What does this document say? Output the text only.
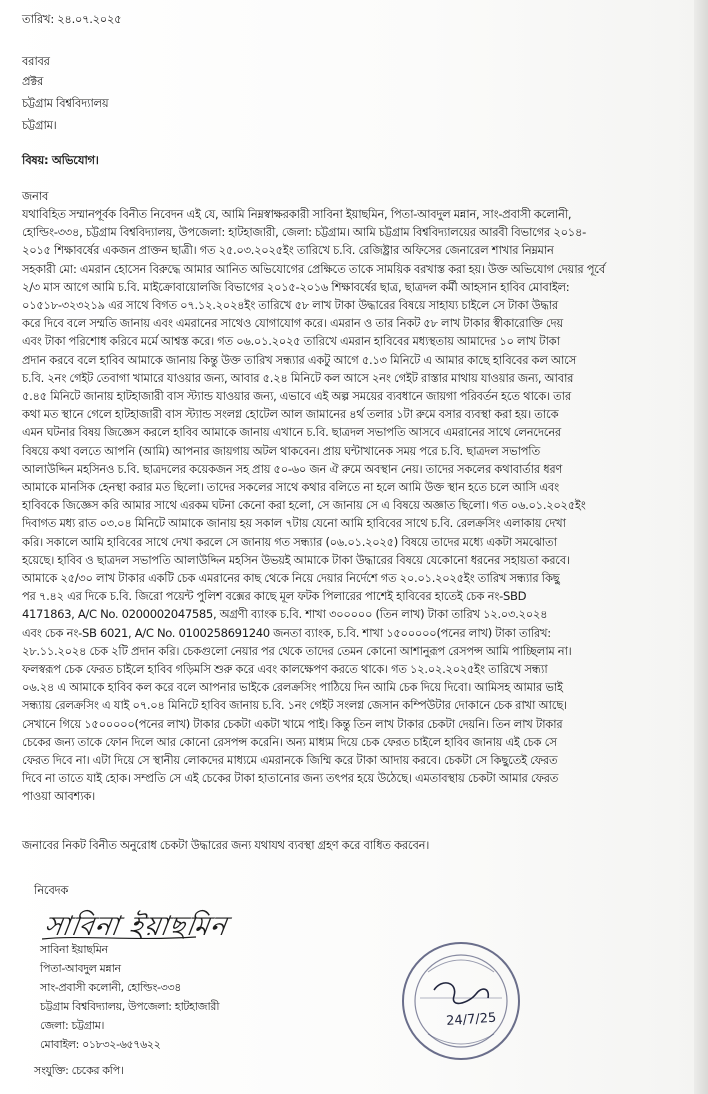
তারিখ: ২৪.০৭.২০২৫
বরাবর
প্রক্টর
চট্টগ্রাম বিশ্ববিদ্যালয়
চট্টগ্রাম।
বিষয়: অভিযোগ।
জনাব
যথাবিহিত সম্মানপূর্বক বিনীত নিবেদন এই যে, আমি নিম্নস্বাক্ষরকারী সাবিনা ইয়াছমিন, পিতা-আবদুল মন্নান, সাং-প্রবাসী কলোনী,
হোল্ডিং-৩৩৪, চট্টগ্রাম বিশ্ববিদ্যালয়, উপজেলা: হাটহাজারী, জেলা: চট্টগ্রাম। আমি চট্টগ্রাম বিশ্ববিদ্যালয়ের আরবী বিভাগের ২০১৪-
২০১৫ শিক্ষাবর্ষের একজন প্রাক্তন ছাত্রী। গত ২৫.০৩.২০২৫ইং তারিখে চ.বি. রেজিষ্ট্রার অফিসের জেনারেল শাখার নিম্নমান
সহকারী মো: এমরান হোসেন বিরুদ্ধে আমার আনিত অভিযোগের প্রেক্ষিতে তাকে সাময়িক বরখাস্ত করা হয়। উক্ত অভিযোগ দেয়ার পূর্বে
২/৩ মাস আগে আমি চ.বি. মাইক্রোবায়োলজি বিভাগের ২০১৫-২০১৬ শিক্ষাবর্ষের ছাত্র, ছাত্রদল কর্মী আহসান হাবিব মোবাইল:
০১৫১৮-৩২৩২১৯ এর সাথে বিগত ০৭.১২.২০২৪ইং তারিখে ৫৮ লাখ টাকা উদ্ধারের বিষয়ে সাহায্য চাইলে সে টাকা উদ্ধার
করে দিবে বলে সম্মতি জানায় এবং এমরানের সাথেও যোগাযোগ করে। এমরান ও তার নিকট ৫৮ লাখ টাকার স্বীকারোক্তি দেয়
এবং টাকা পরিশোধ করিবে মর্মে আশ্বস্ত করে। গত ০৬.০১.২০২৫ তারিখে এমরান হাবিবের মধ্যস্থতায় আমাদের ১০ লাখ টাকা
প্রদান করবে বলে হাবিব আমাকে জানায় কিন্তু উক্ত তারিখ সন্ধ্যার একটু আগে ৫.১৩ মিনিটে এ আমার কাছে হাবিবের কল আসে
চ.বি. ২নং গেইট তেবাগা খামারে যাওয়ার জন্য, আবার ৫.২৪ মিনিটে কল আসে ২নং গেইট রাস্তার মাথায় যাওয়ার জন্য, আবার
৫.৪৫ মিনিটে জানায় হাটহাজারী বাস স্ট্যান্ড যাওয়ার জন্য, এভাবে এই অল্প সময়ের ব্যবধানে জায়গা পরিবর্তন হতে থাকে। তার
কথা মত স্থানে গেলে হাটহাজারী বাস স্ট্যান্ড সংলগ্ন হোটেল আল জামানের ৪র্থ তলার ১টা রুমে বসার ব্যবস্থা করা হয়। তাকে
এমন ঘটনার বিষয় জিজ্ঞেস করলে হাবিব আমাকে জানায় এখানে চ.বি. ছাত্রদল সভাপতি আসবে এমরানের সাথে লেনদেনের
বিষয়ে কথা বলতে আপনি (আমি) আপনার জায়গায় অটল থাকবেন। প্রায় ঘন্টাখানেক সময় পরে চ.বি. ছাত্রদল সভাপতি
আলাউদ্দিন মহসিনও চ.বি. ছাত্রদলের কয়েকজন সহ প্রায় ৫০-৬০ জন ঐ রুমে অবস্থান নেয়। তাদের সকলের কথাবার্তার ধরণ
আমাকে মানসিক হেনস্থা করার মত ছিলো। তাদের সকলের সাথে কথার বলিতে না হলে আমি উক্ত স্থান হতে চলে আসি এবং
হাবিবকে জিজ্ঞেস করি আমার সাথে এরকম ঘটনা কেনো করা হলো, সে জানায় সে এ বিষয়ে অজ্ঞাত ছিলো। গত ০৬.০১.২০২৫ইং
দিবাগত মধ্য রাত ০৩.০৪ মিনিটে আমাকে জানায় হয় সকাল ৭টায় যেনো আমি হাবিবের সাথে চ.বি. রেলক্রসিং এলাকায় দেখা
করি। সকালে আমি হাবিবের সাথে দেখা করলে সে জানায় গত সন্ধ্যার (০৬.০১.২০২৫) বিষয়ে তাদের মধ্যে একটা সমঝোতা
হয়েছে। হাবিব ও ছাত্রদল সভাপতি আলাউদ্দিন মহসিন উভয়ই আমাকে টাকা উদ্ধারের বিষয়ে যেকোনো ধরনের সহায়তা করবে।
আমাকে ২৫/৩০ লাখ টাকার একটি চেক এমরানের কাছ থেকে নিয়ে দেয়ার নির্দেশে গত ২০.০১.২০২৫ইং তারিখ সন্ধ্যার কিছু
পর ৭.৪২ এর দিকে চ.বি. জিরো পয়েন্ট পুলিশ বক্সের কাছে মূল ফটক পিলারের পাশেই হাবিবের হাতেই চেক নং-SBD
4171863, A/C No. 0200002047585, অগ্রণী ব্যাংক চ.বি. শাখা ৩০০০০০ (তিন লাখ) টাকা তারিখ ১২.০৩.২০২৪
এবং চেক নং-SB 6021, A/C No. 0100258691240 জনতা ব্যাংক, চ.বি. শাখা ১৫০০০০০(পনের লাখ) টাকা তারিখ:
২৮.১১.২০২৪ চেক ২টি প্রদান করি। চেকগুলো নেয়ার পর থেকে তাদের তেমন কোনো আশানুরূপ রেসপন্স আমি পাচ্ছিলাম না।
ফলস্বরূপ চেক ফেরত চাইলে হাবিব গড়িমসি শুরু করে এবং কালক্ষেপণ করতে থাকে। গত ১২.০২.২০২৫ইং তারিখে সন্ধ্যা
০৬.২৪ এ আমাকে হাবিব কল করে বলে আপনার ভাইকে রেলক্রসিং পাঠিয়ে দিন আমি চেক দিয়ে দিবো। আমিসহ আমার ভাই
সন্ধ্যায় রেলক্রসিং এ যাই ০৭.০৪ মিনিটে হাবিব জানায় চ.বি. ১নং গেইট সংলগ্ন জেসান কম্পিউটার দোকানে চেক রাখা আছে।
সেখানে গিয়ে ১৫০০০০০(পনের লাখ) টাকার চেকটা একটা খামে পাই। কিন্তু তিন লাখ টাকার চেকটা দেয়নি। তিন লাখ টাকার
চেকের জন্য তাকে ফোন দিলে আর কোনো রেসপন্স করেনি। অন্য মাধ্যম দিয়ে চেক ফেরত চাইলে হাবিব জানায় এই চেক সে
ফেরত দিবে না। এটা দিয়ে সে স্থানীয় লোকদের মাধ্যমে এমরানকে জিম্মি করে টাকা আদায় করবে। চেকটা সে কিছুতেই ফেরত
দিবে না তাতে যাই হোক। সম্প্রতি সে এই চেকের টাকা হাতানোর জন্য তৎপর হয়ে উঠেছে। এমতাবস্থায় চেকটা আমার ফেরত
পাওয়া আবশ্যক।
জনাবের নিকট বিনীত অনুরোধ চেকটা উদ্ধারের জন্য যথাযথ ব্যবস্থা গ্রহণ করে বাধিত করবেন।
নিবেদক
সাবিনা ইয়াছমিন
সাবিনা ইয়াছমিন
পিতা-আবদুল মন্নান
সাং-প্রবাসী কলোনী, হোল্ডিং-৩৩৪
চট্টগ্রাম বিশ্ববিদ্যালয়, উপজেলা: হাটহাজারী
জেলা: চট্টগ্রাম।
মোবাইল: ০১৮৩২-৬৫৭৬২২
সংযুক্তি: চেকের কপি।
24/7/25
